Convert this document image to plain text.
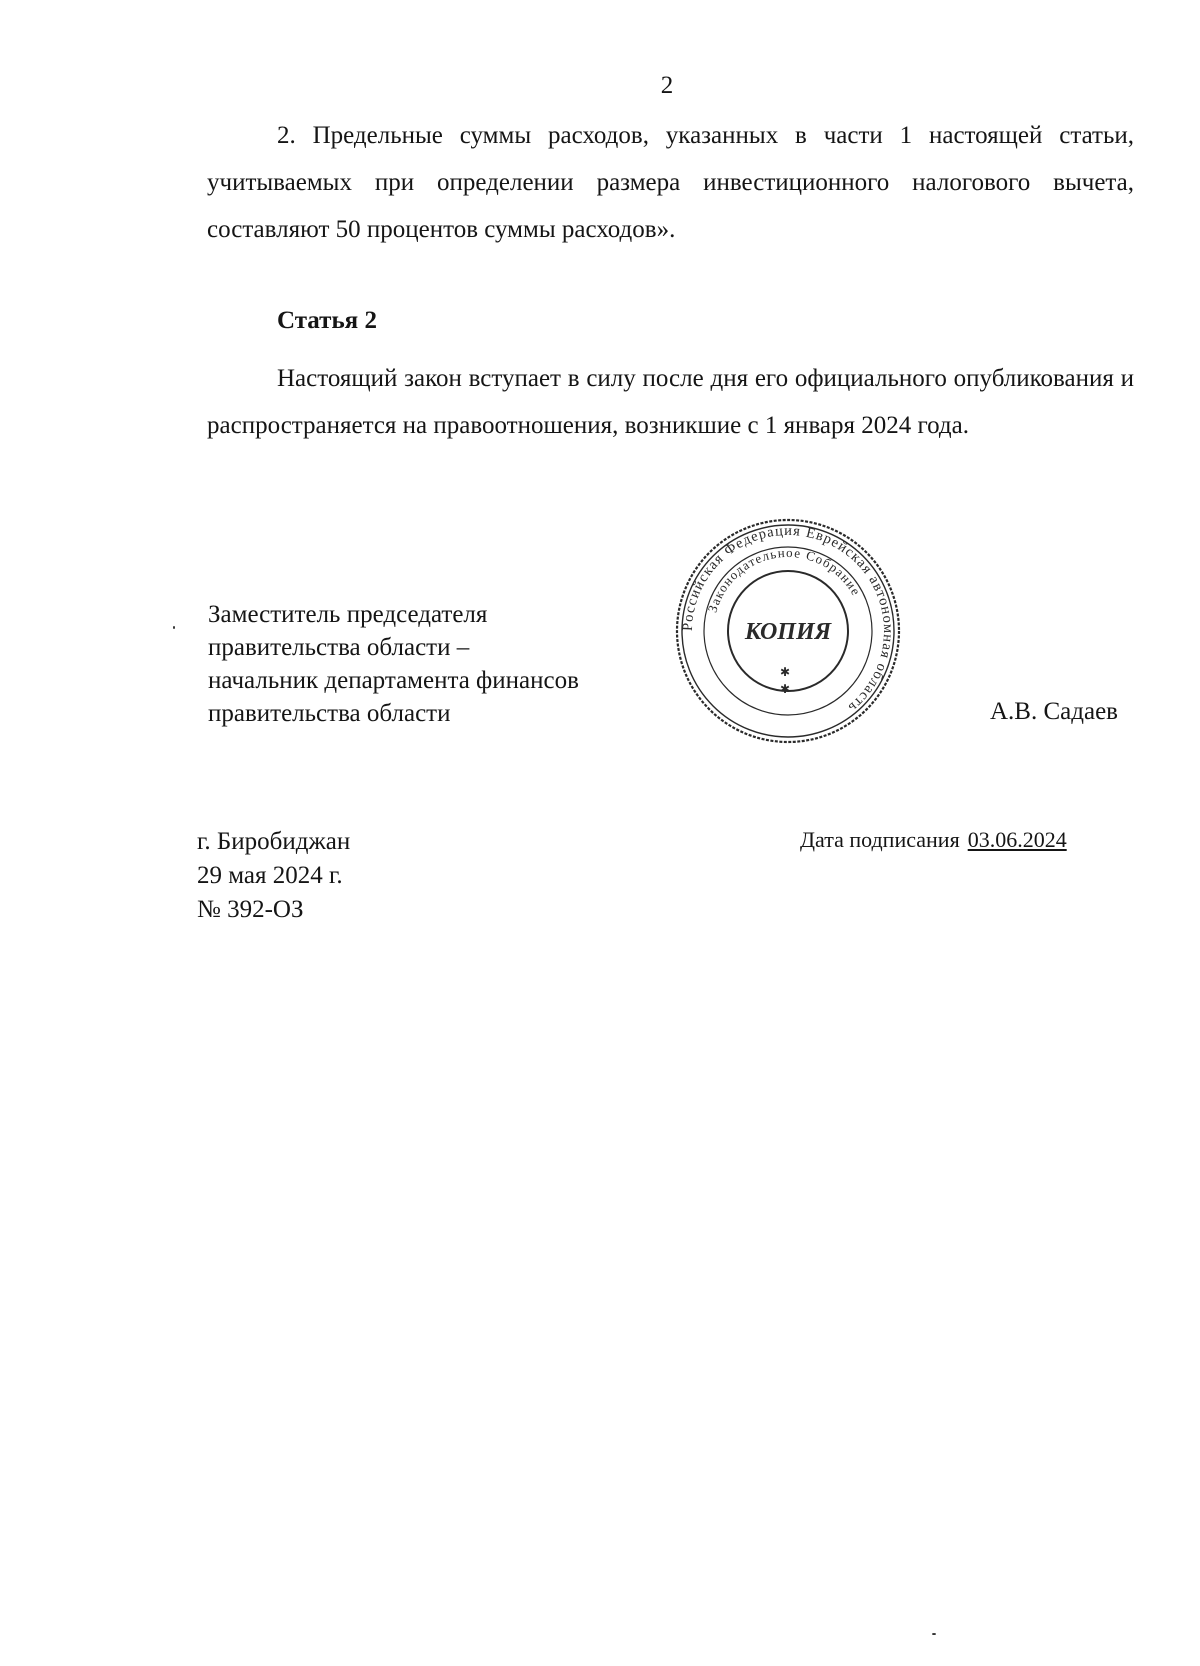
2

2. Предельные суммы расходов, указанных в части 1 настоящей статьи, учитываемых при определении размера инвестиционного налогового вычета, составляют 50 процентов суммы расходов».

Статья 2

Настоящий закон вступает в силу после дня его официального опубликования и распространяется на правоотношения, возникшие с 1 января 2024 года.

Заместитель председателя
правительства области –
начальник департамента финансов
правительства области

Российская Федерация Еврейская автономная область
Законодательное Собрание
КОПИЯ
✱
✱
А.В. Садаев
г. Биробиджан
29 мая 2024 г.
№ 392-ОЗ
Дата подписания 03.06.2024
